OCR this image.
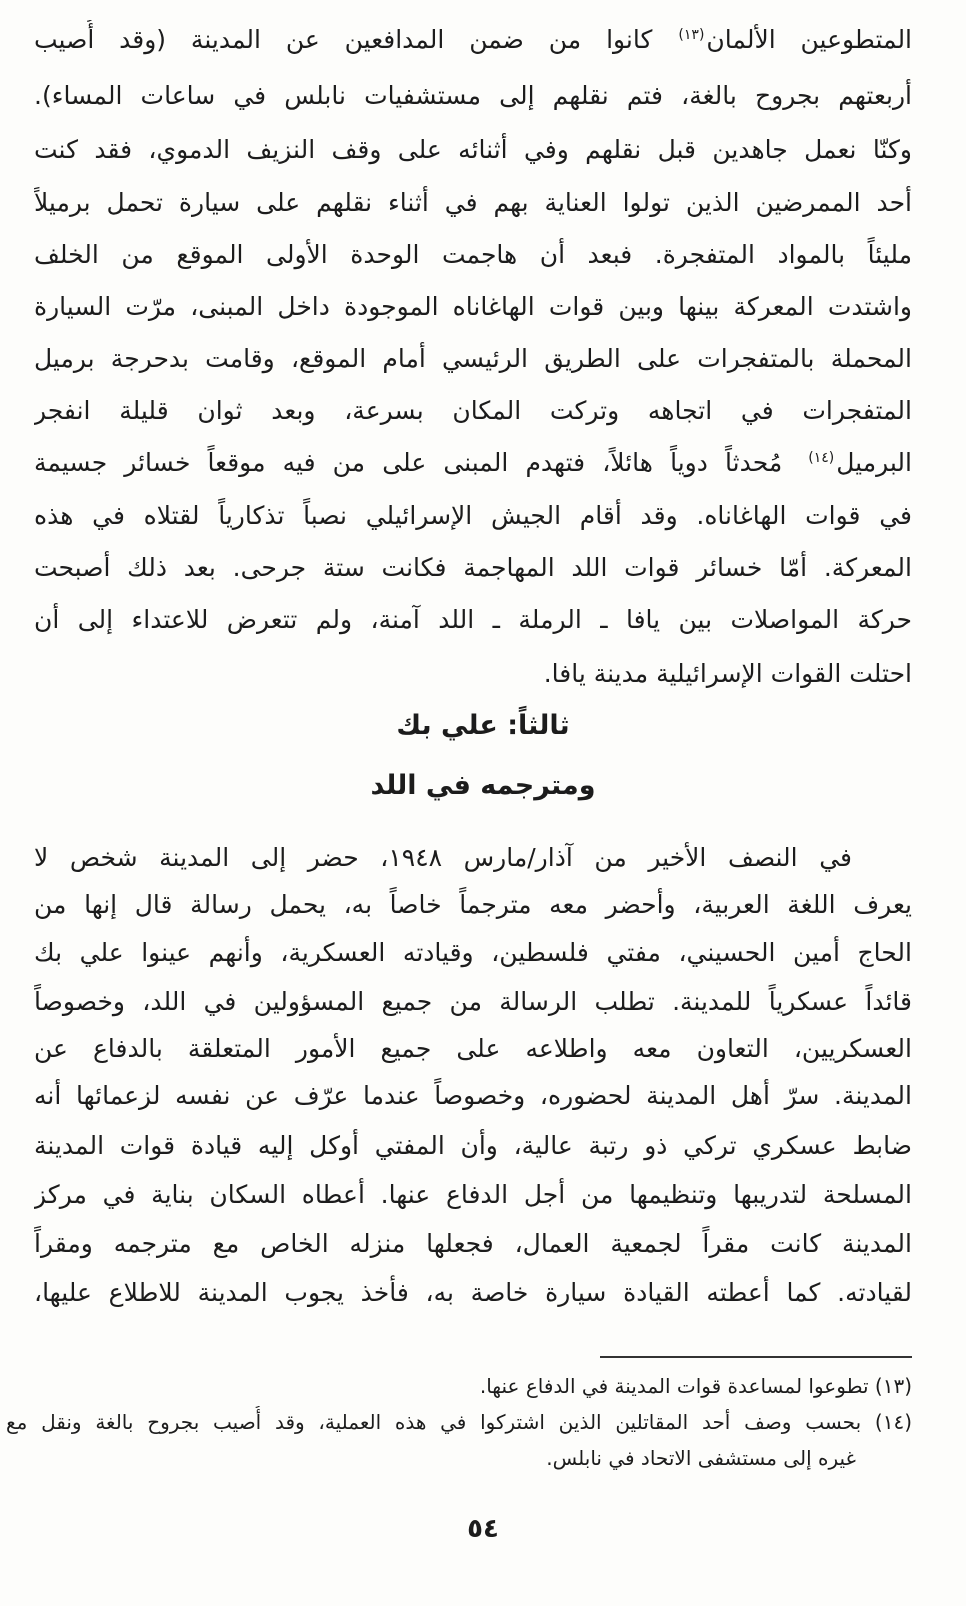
المتطوعين الألمان$^{(١٣)}$كانوا من ضمن المدافعين عن المدينة (وقد أُصيب
أربعتهم بجروح بالغة، فتم نقلهم إلى مستشفيات نابلس في ساعات المساء).
وكنّا نعمل جاهدين قبل نقلهم وفي أثنائه على وقف النزيف الدموي، فقد كنت
أحد الممرضين الذين تولوا العناية بهم في أثناء نقلهم على سيارة تحمل برميلاً
مليئاً بالمواد المتفجرة. فبعد أن هاجمت الوحدة الأولى الموقع من الخلف
واشتدت المعركة بينها وبين قوات الهاغاناه الموجودة داخل المبنى، مرّت السيارة
المحملة بالمتفجرات على الطريق الرئيسي أمام الموقع، وقامت بدحرجة برميل
المتفجرات في اتجاهه وتركت المكان بسرعة، وبعد ثوان قليلة انفجر
البرميل$^{(١٤)}$مُحدثاً دوياً هائلاً، فتهدم المبنى على من فيه موقعاً خسائر جسيمة
في قوات الهاغاناه. وقد أقام الجيش الإسرائيلي نصباً تذكارياً لقتلاه في هذه
المعركة. أمّا خسائر قوات اللد المهاجمة فكانت ستة جرحى. بعد ذلك أصبحت
حركة المواصلات بين يافا ـ الرملة ـ اللد آمنة، ولم تتعرض للاعتداء إلى أن
احتلت القوات الإسرائيلية مدينة يافا.
ثالثاً: علي بك
ومترجمه في اللد
في النصف الأخير من آذار/مارس ١٩٤٨، حضر إلى المدينة شخص لا
يعرف اللغة العربية، وأحضر معه مترجماً خاصاً به، يحمل رسالة قال إنها من
الحاج أمين الحسيني، مفتي فلسطين، وقيادته العسكرية، وأنهم عينوا علي بك
قائداً عسكرياً للمدينة. تطلب الرسالة من جميع المسؤولين في اللد، وخصوصاً
العسكريين، التعاون معه واطلاعه على جميع الأمور المتعلقة بالدفاع عن
المدينة. سرّ أهل المدينة لحضوره، وخصوصاً عندما عرّف عن نفسه لزعمائها أنه
ضابط عسكري تركي ذو رتبة عالية، وأن المفتي أوكل إليه قيادة قوات المدينة
المسلحة لتدريبها وتنظيمها من أجل الدفاع عنها. أعطاه السكان بناية في مركز
المدينة كانت مقراً لجمعية العمال، فجعلها منزله الخاص مع مترجمه ومقراً
لقيادته. كما أعطته القيادة سيارة خاصة به، فأخذ يجوب المدينة للاطلاع عليها،
(١٣) تطوعوا لمساعدة قوات المدينة في الدفاع عنها.
(١٤) بحسب وصف أحد المقاتلين الذين اشتركوا في هذه العملية، وقد أُصيب بجروح بالغة ونقل مع
غيره إلى مستشفى الاتحاد في نابلس.
٥٤
